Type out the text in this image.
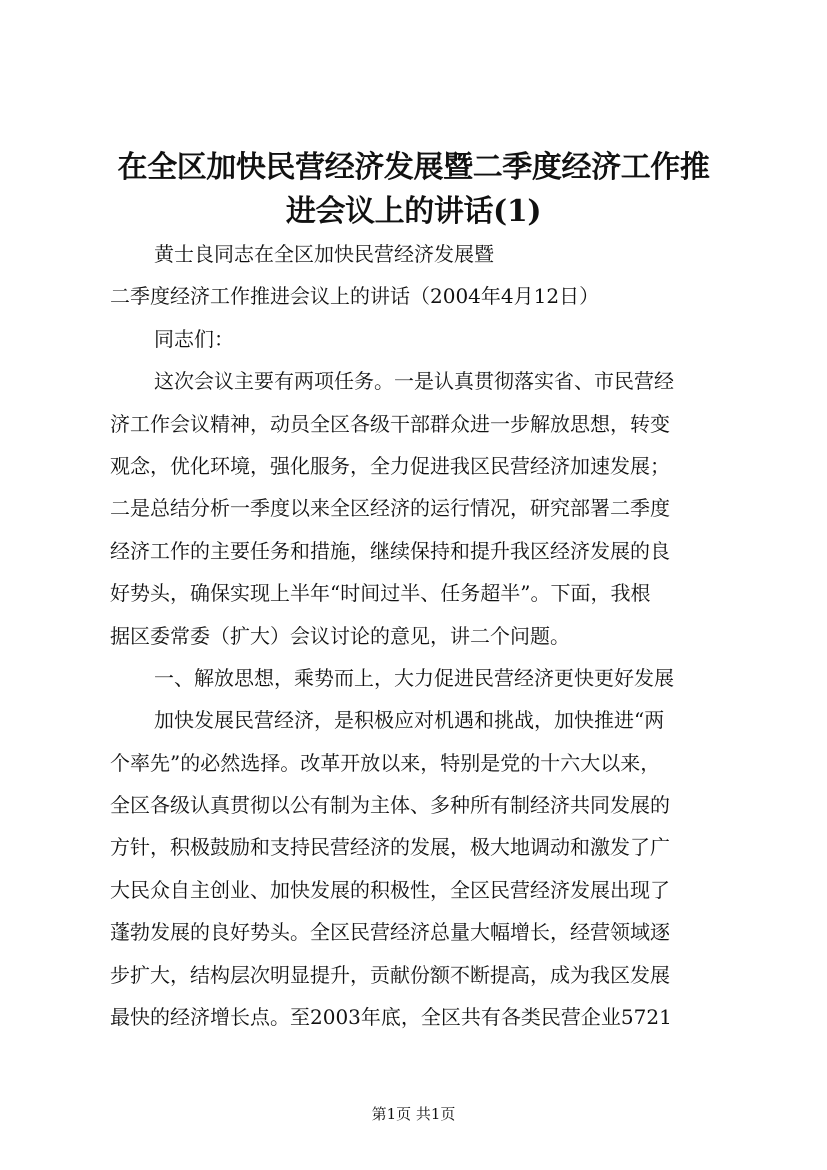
在全区加快民营经济发展暨二季度经济工作推
进会议上的讲话(1)
黄士良同志在全区加快民营经济发展暨
二季度经济工作推进会议上的讲话（2004年4月12日）
同志们：
这次会议主要有两项任务。一是认真贯彻落实省、市民营经
济工作会议精神，动员全区各级干部群众进一步解放思想，转变
观念，优化环境，强化服务，全力促进我区民营经济加速发展；
二是总结分析一季度以来全区经济的运行情况，研究部署二季度
经济工作的主要任务和措施，继续保持和提升我区经济发展的良
好势头，确保实现上半年“时间过半、任务超半”。下面，我根
据区委常委（扩大）会议讨论的意见，讲二个问题。
一、解放思想，乘势而上，大力促进民营经济更快更好发展
加快发展民营经济，是积极应对机遇和挑战，加快推进“两
个率先”的必然选择。改革开放以来，特别是党的十六大以来，
全区各级认真贯彻以公有制为主体、多种所有制经济共同发展的
方针，积极鼓励和支持民营经济的发展，极大地调动和激发了广
大民众自主创业、加快发展的积极性，全区民营经济发展出现了
蓬勃发展的良好势头。全区民营经济总量大幅增长，经营领域逐
步扩大，结构层次明显提升，贡献份额不断提高，成为我区发展
最快的经济增长点。至2003年底，全区共有各类民营企业5721
第1页 共1页
